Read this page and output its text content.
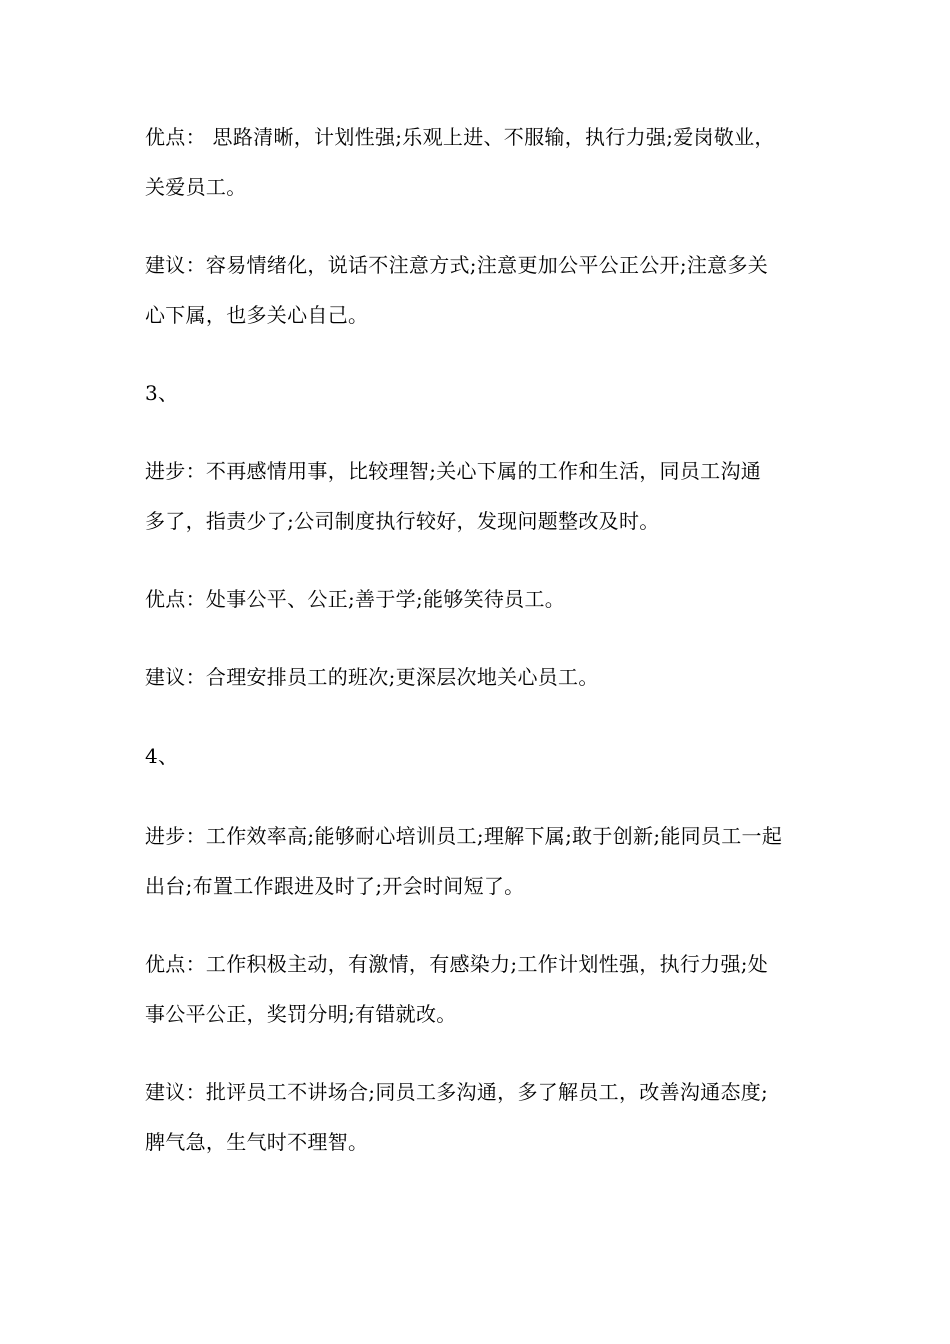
优点： 思路清晰，计划性强;乐观上进、不服输，执行力强;爱岗敬业，
关爱员工。
建议：容易情绪化，说话不注意方式;注意更加公平公正公开;注意多关
心下属，也多关心自己。
3、
进步：不再感情用事，比较理智;关心下属的工作和生活，同员工沟通
多了，指责少了;公司制度执行较好，发现问题整改及时。
优点：处事公平、公正;善于学;能够笑待员工。
建议：合理安排员工的班次;更深层次地关心员工。
4、
进步：工作效率高;能够耐心培训员工;理解下属;敢于创新;能同员工一起
出台;布置工作跟进及时了;开会时间短了。
优点：工作积极主动，有激情，有感染力;工作计划性强，执行力强;处
事公平公正，奖罚分明;有错就改。
建议：批评员工不讲场合;同员工多沟通，多了解员工，改善沟通态度;
脾气急，生气时不理智。
